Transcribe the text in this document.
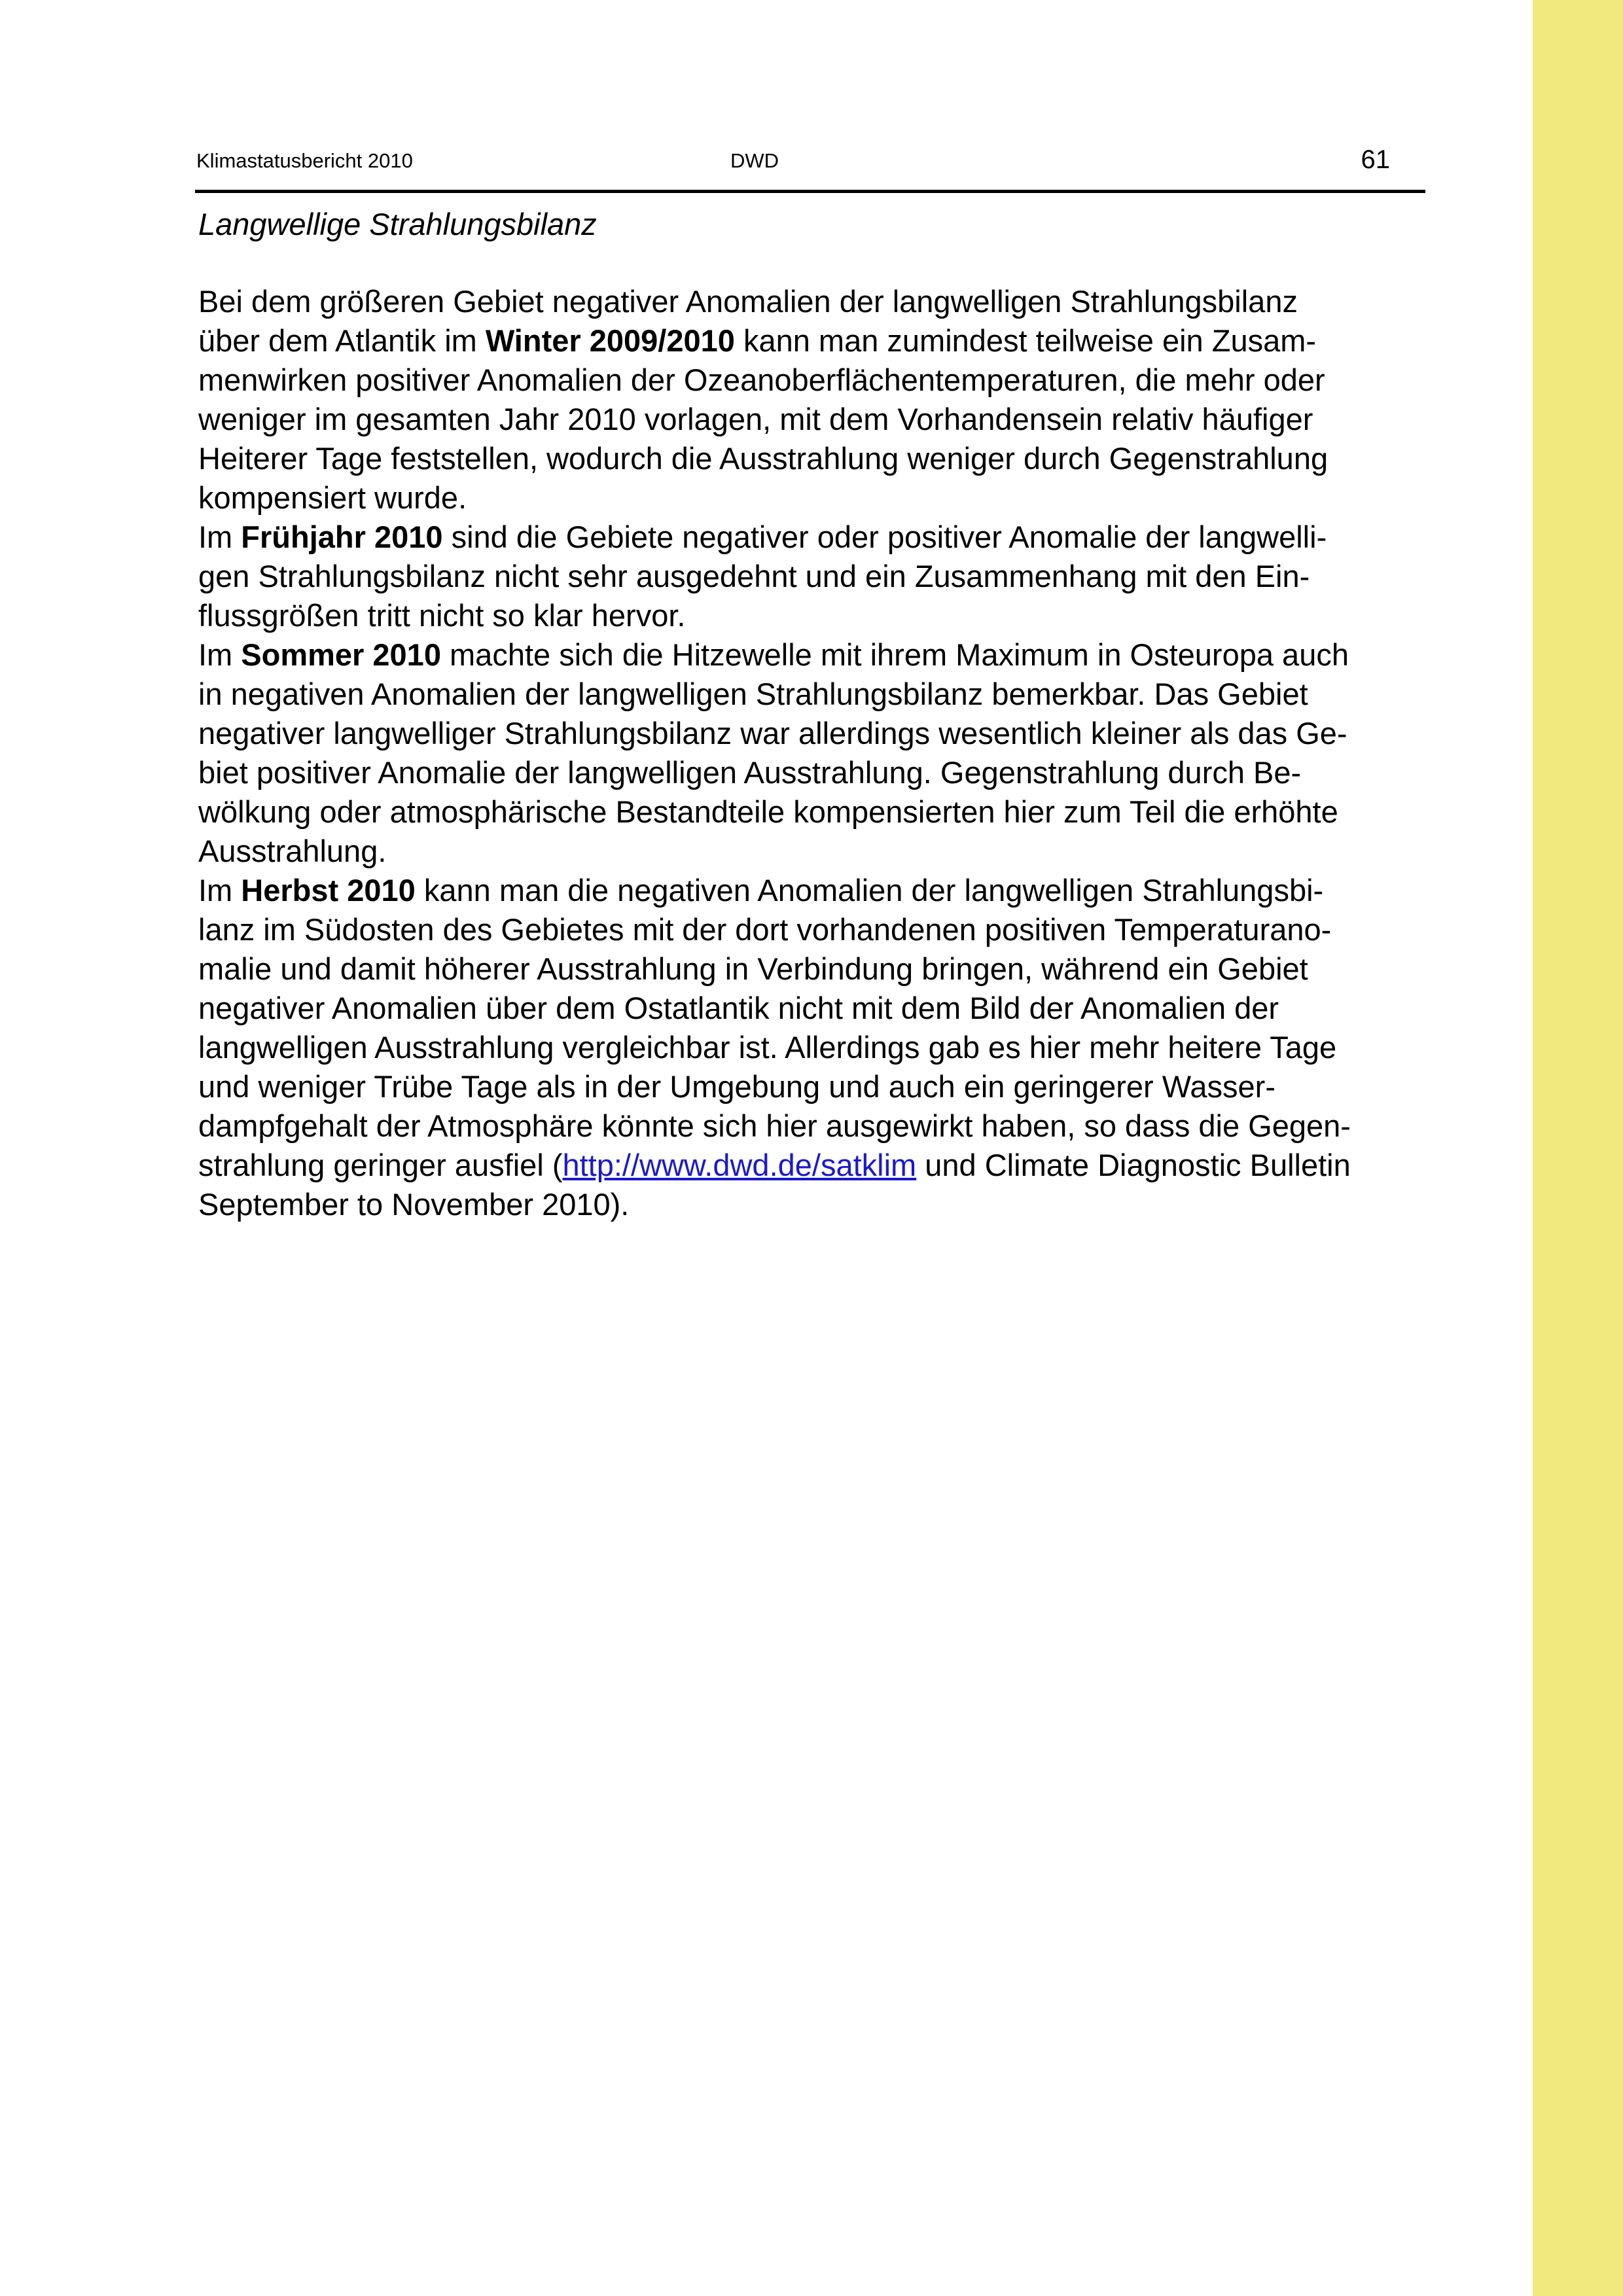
Klimastatusbericht 2010	DWD	61
Langwellige Strahlungsbilanz

Bei dem größeren Gebiet negativer Anomalien der langwelligen Strahlungsbilanz
über dem Atlantik im Winter 2009/2010 kann man zumindest teilweise ein Zusam-
menwirken positiver Anomalien der Ozeanoberflächentemperaturen, die mehr oder
weniger im gesamten Jahr 2010 vorlagen, mit dem Vorhandensein relativ häufiger
Heiterer Tage feststellen, wodurch die Ausstrahlung weniger durch Gegenstrahlung
kompensiert wurde.

Im Frühjahr 2010 sind die Gebiete negativer oder positiver Anomalie der langwelli-
gen Strahlungsbilanz nicht sehr ausgedehnt und ein Zusammenhang mit den Ein-
flussgrößen tritt nicht so klar hervor.

Im Sommer 2010 machte sich die Hitzewelle mit ihrem Maximum in Osteuropa auch
in negativen Anomalien der langwelligen Strahlungsbilanz bemerkbar. Das Gebiet
negativer langwelliger Strahlungsbilanz war allerdings wesentlich kleiner als das Ge-
biet positiver Anomalie der langwelligen Ausstrahlung. Gegenstrahlung durch Be-
wölkung oder atmosphärische Bestandteile kompensierten hier zum Teil die erhöhte
Ausstrahlung.

Im Herbst 2010 kann man die negativen Anomalien der langwelligen Strahlungsbi-
lanz im Südosten des Gebietes mit der dort vorhandenen positiven Temperaturano-
malie und damit höherer Ausstrahlung in Verbindung bringen, während ein Gebiet
negativer Anomalien über dem Ostatlantik nicht mit dem Bild der Anomalien der
langwelligen Ausstrahlung vergleichbar ist. Allerdings gab es hier mehr heitere Tage
und weniger Trübe Tage als in der Umgebung und auch ein geringerer Wasser-
dampfgehalt der Atmosphäre könnte sich hier ausgewirkt haben, so dass die Gegen-
strahlung geringer ausfiel (http://www.dwd.de/satklim und Climate Diagnostic Bulletin
September to November 2010).
